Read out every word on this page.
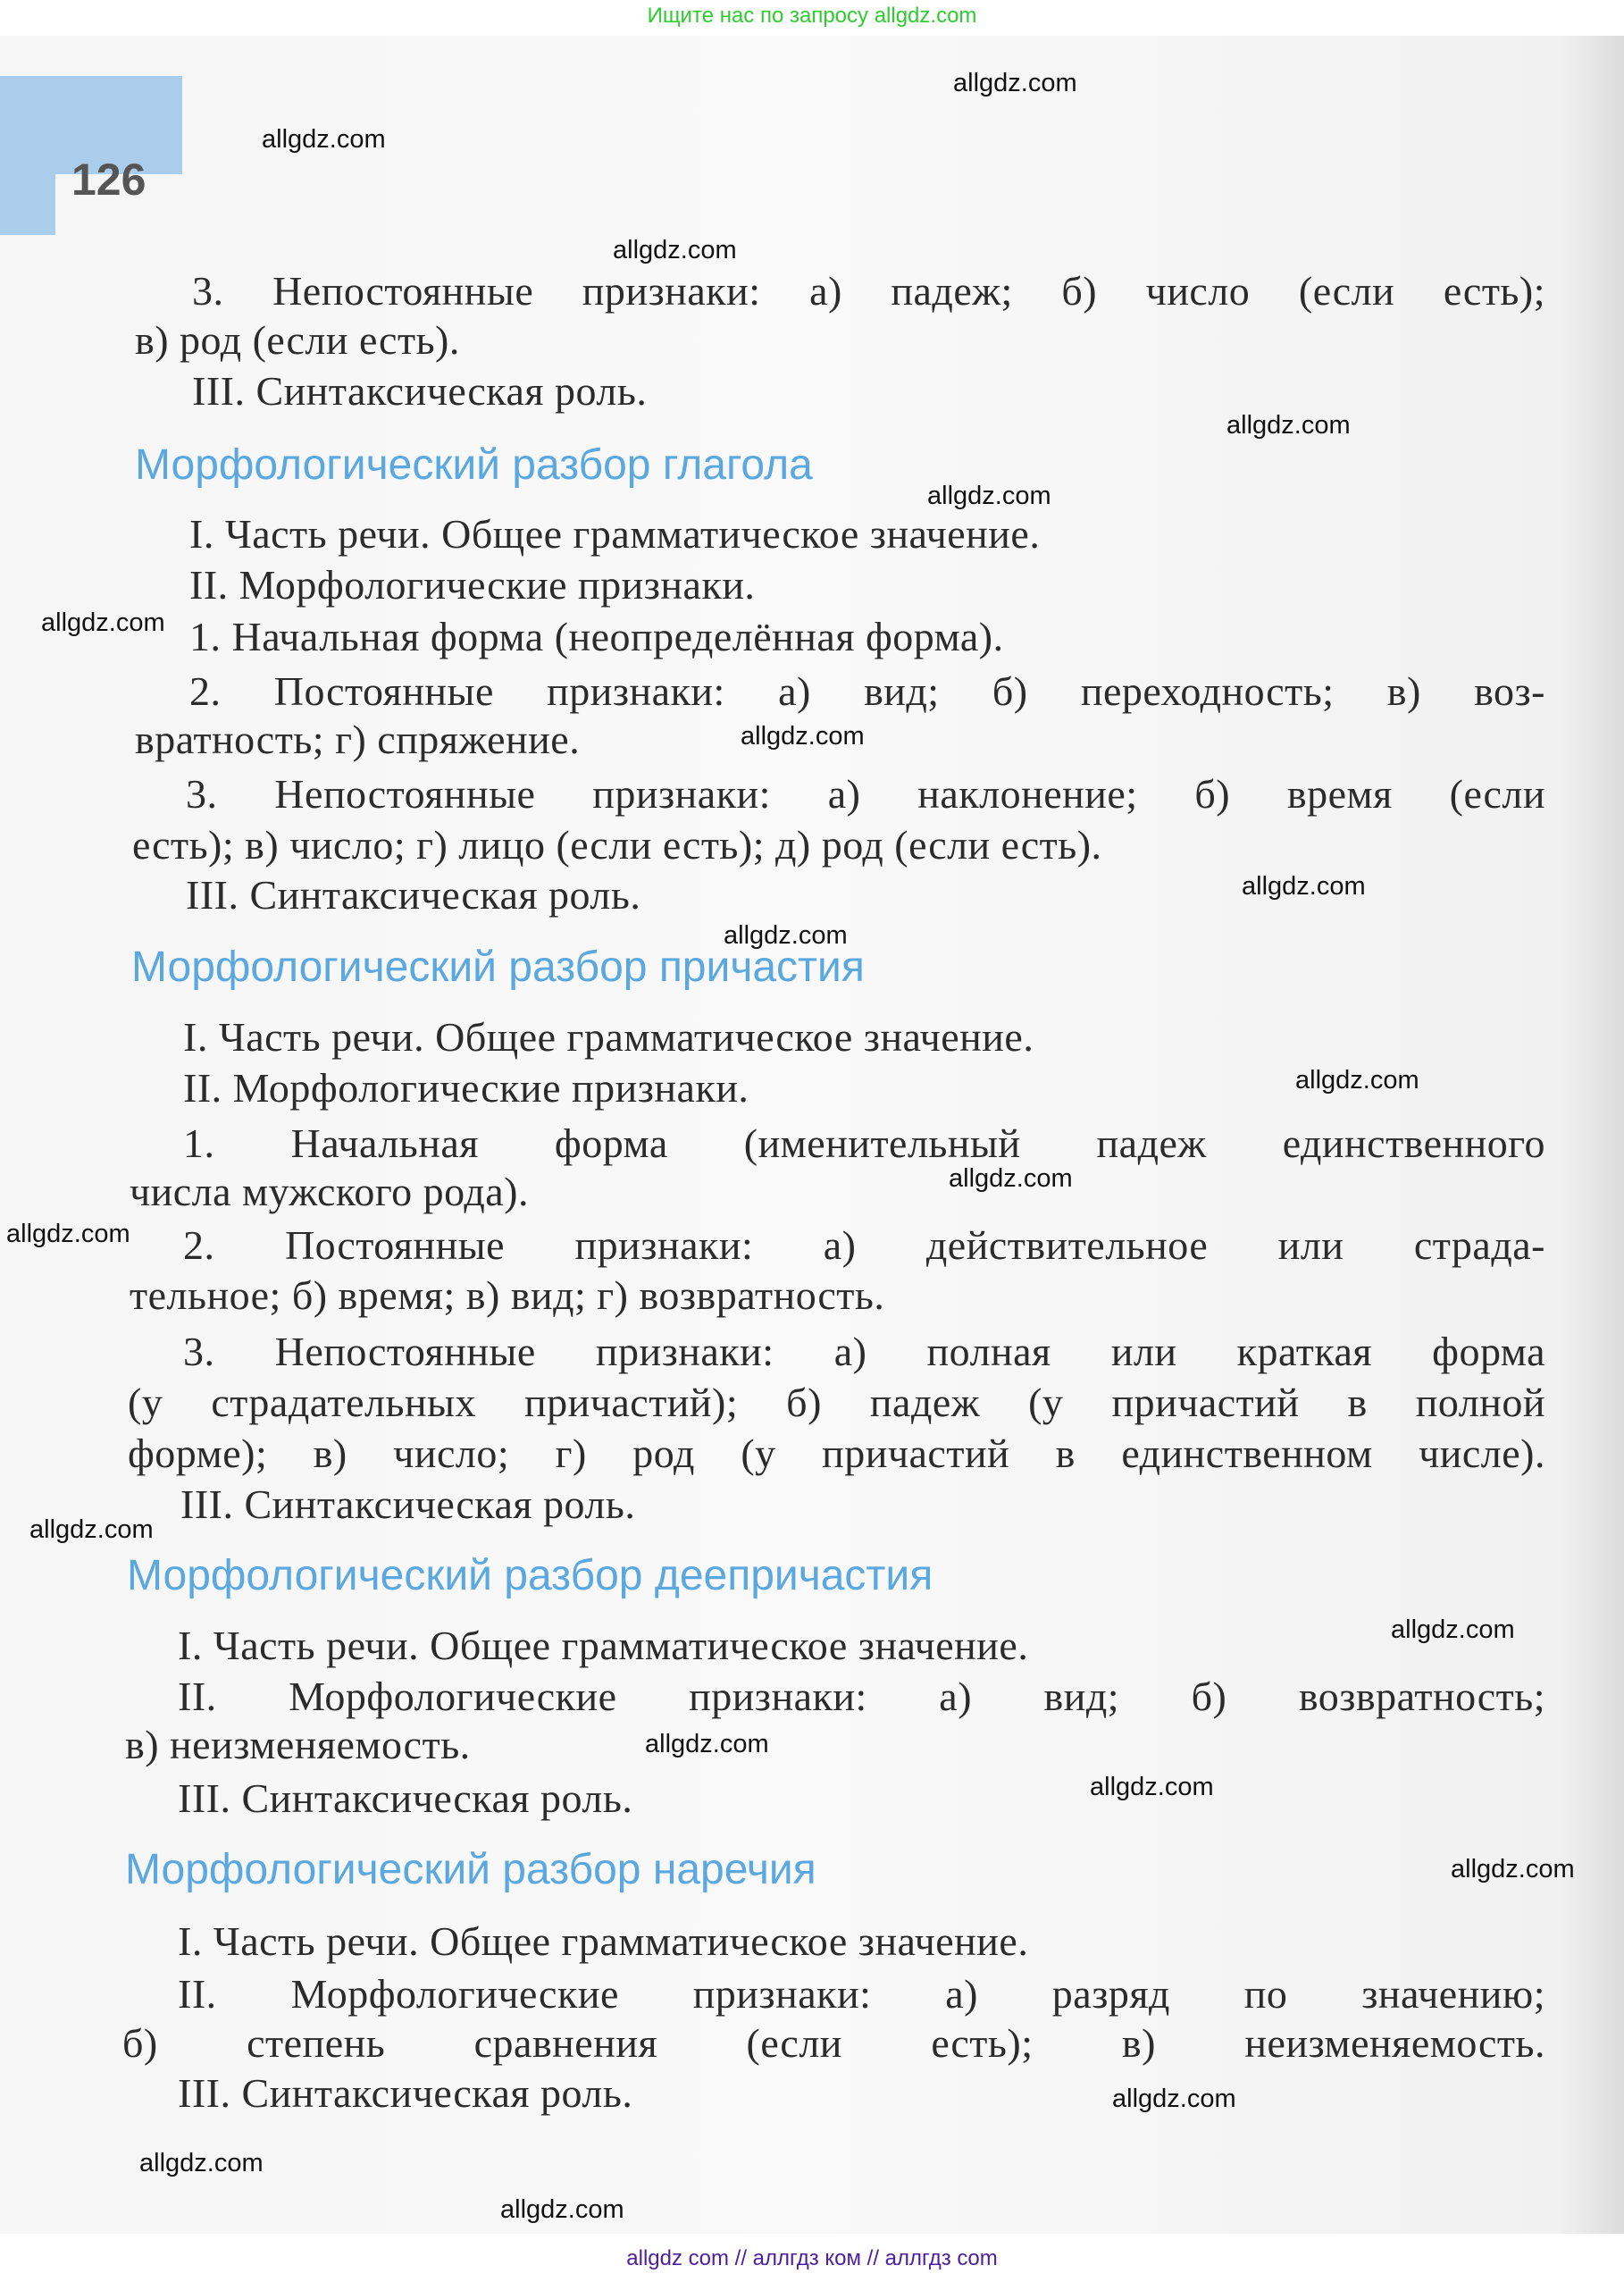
Ищите нас по запросу allgdz.com
126
3. Непостоянные признаки: а) падеж; б) число (если есть);
в) род (если есть).
III. Синтаксическая роль.
Морфологический разбор глагола
I. Часть речи. Общее грамматическое значение.
II. Морфологические признаки.
1. Начальная форма (неопределённая форма).
2. Постоянные признаки: а) вид; б) переходность; в) воз-
вратность; г) спряжение.
3. Непостоянные признаки: а) наклонение; б) время (если
есть); в) число; г) лицо (если есть); д) род (если есть).
III. Синтаксическая роль.
Морфологический разбор причастия
I. Часть речи. Общее грамматическое значение.
II. Морфологические признаки.
1. Начальная форма (именительный падеж единственного
числа мужского рода).
2. Постоянные признаки: а) действительное или страда-
тельное; б) время; в) вид; г) возвратность.
3. Непостоянные признаки: а) полная или краткая форма
(у страдательных причастий); б) падеж (у причастий в полной
форме); в) число; г) род (у причастий в единственном числе).
III. Синтаксическая роль.
Морфологический разбор деепричастия
I. Часть речи. Общее грамматическое значение.
II. Морфологические признаки: а) вид; б) возвратность;
в) неизменяемость.
III. Синтаксическая роль.
Морфологический разбор наречия
I. Часть речи. Общее грамматическое значение.
II. Морфологические признаки: а) разряд по значению;
б) степень сравнения (если есть); в) неизменяемость.
III. Синтаксическая роль.
allgdz.com
allgdz.com
allgdz.com
allgdz.com
allgdz.com
allgdz.com
allgdz.com
allgdz.com
allgdz.com
allgdz.com
allgdz.com
allgdz.com
allgdz.com
allgdz.com
allgdz.com
allgdz.com
allgdz.com
allgdz.com
allgdz.com
allgdz.com
allgdz com // аллгдз ком // аллгдз com
